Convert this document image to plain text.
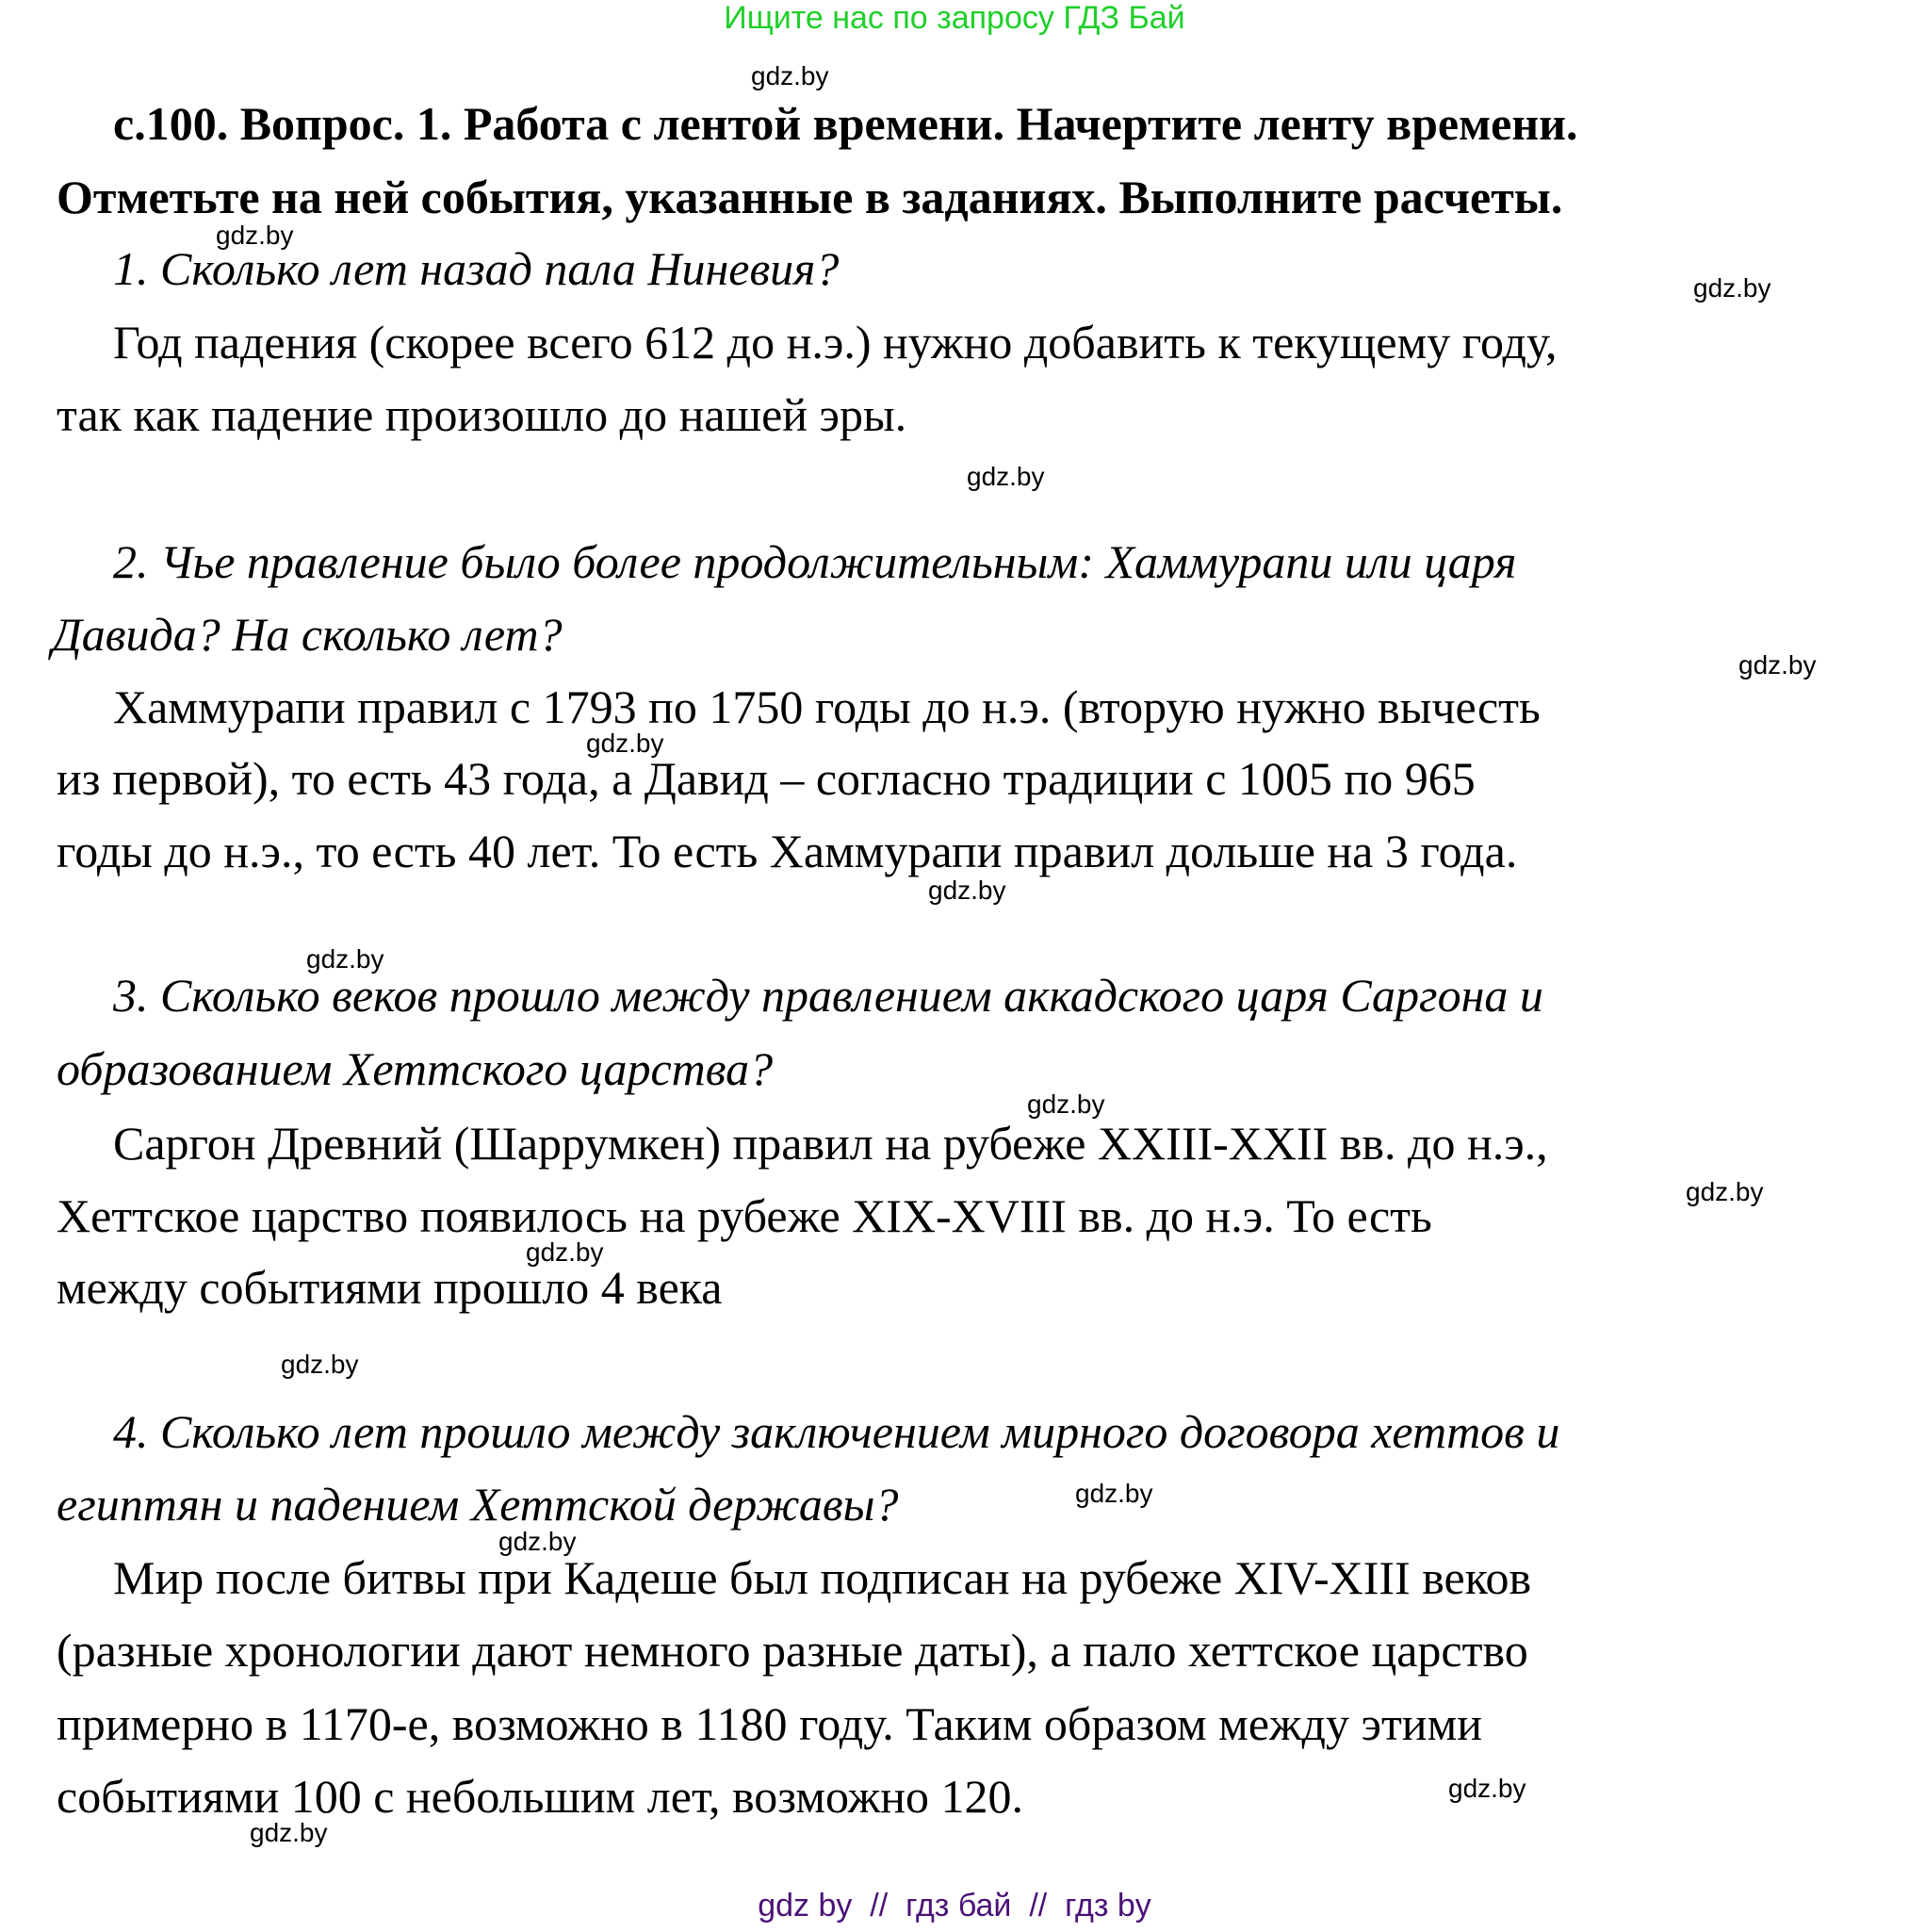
Ищите нас по запросу ГДЗ Бай
с.100. Вопрос. 1. Работа с лентой времени. Начертите ленту времени.
Отметьте на ней события, указанные в заданиях. Выполните расчеты.
1. Сколько лет назад пала Ниневия?
Год падения (скорее всего 612 до н.э.) нужно добавить к текущему году,
так как падение произошло до нашей эры.
2. Чье правление было более продолжительным: Хаммурапи или царя
Давида? На сколько лет?
Хаммурапи правил с 1793 по 1750 годы до н.э. (вторую нужно вычесть
из первой), то есть 43 года, а Давид – согласно традиции с 1005 по 965
годы до н.э., то есть 40 лет. То есть Хаммурапи правил дольше на 3 года.
3. Сколько веков прошло между правлением аккадского царя Саргона и
образованием Хеттского царства?
Саргон Древний (Шаррумкен) правил на рубеже XXIII-XXII вв. до н.э.,
Хеттское царство появилось на рубеже XIX-XVIII вв. до н.э. То есть
между событиями прошло 4 века
4. Сколько лет прошло между заключением мирного договора хеттов и
египтян и падением Хеттской державы?
Мир после битвы при Кадеше был подписан на рубеже XIV-XIII веков
(разные хронологии дают немного разные даты), а пало хеттское царство
примерно в 1170-е, возможно в 1180 году. Таким образом между этими
событиями 100 с небольшим лет, возможно 120.
gdz.by
gdz.by
gdz.by
gdz.by
gdz.by
gdz.by
gdz.by
gdz.by
gdz.by
gdz.by
gdz.by
gdz.by
gdz.by
gdz.by
gdz.by
gdz.by
gdz by  //  гдз бай  //  гдз by
